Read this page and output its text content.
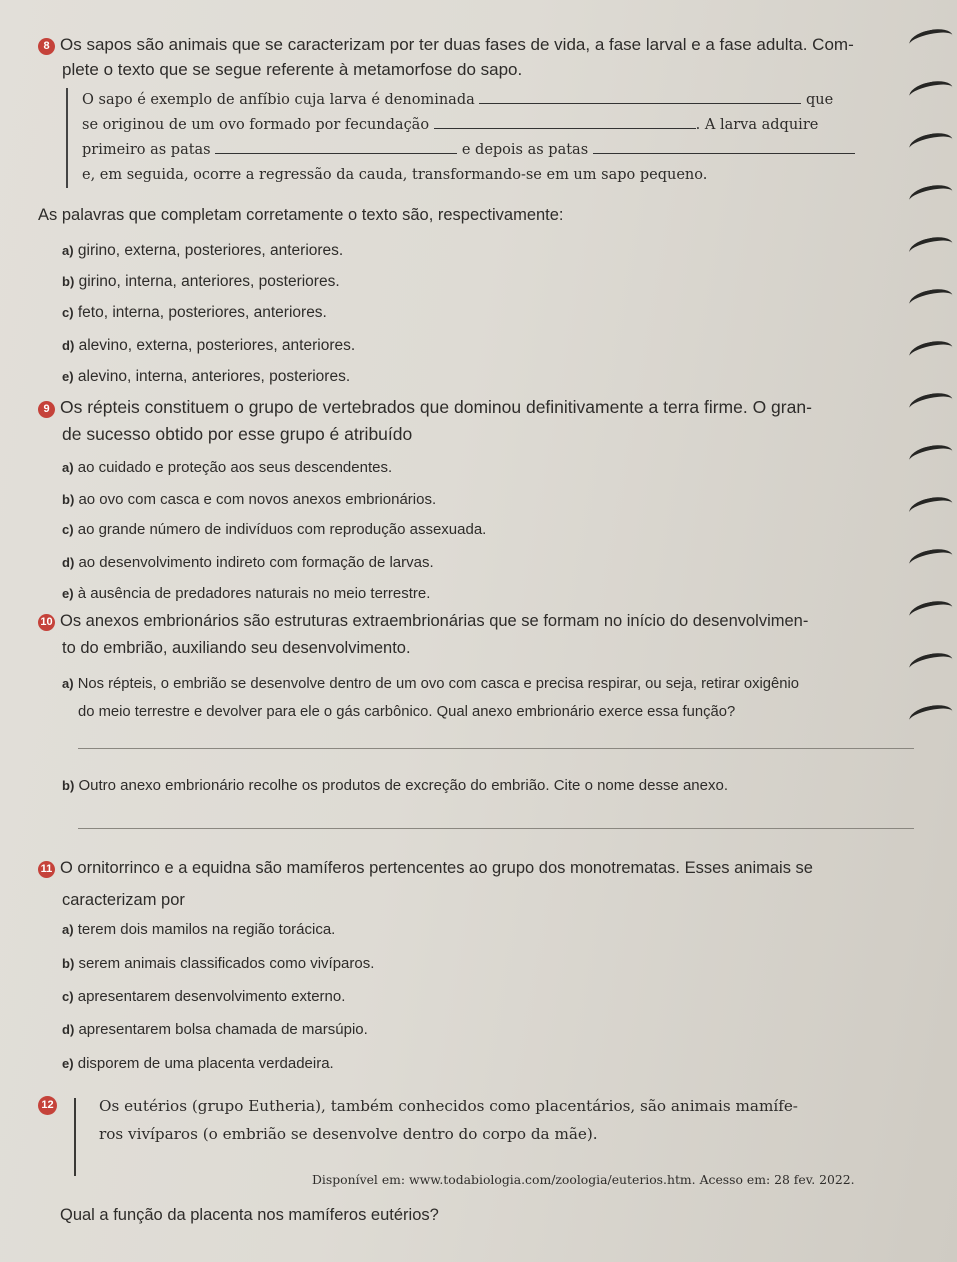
8 Os sapos são animais que se caracterizam por ter duas fases de vida, a fase larval e a fase adulta. Com-
plete o texto que se segue referente à metamorfose do sapo.
O sapo é exemplo de anfíbio cuja larva é denominada	que
se originou de um ovo formado por fecundação	. A larva adquire
primeiro as patas	e depois as patas
e, em seguida, ocorre a regressão da cauda, transformando-se em um sapo pequeno.
As palavras que completam corretamente o texto são, respectivamente:
a) girino, externa, posteriores, anteriores.
b) girino, interna, anteriores, posteriores.
c) feto, interna, posteriores, anteriores.
d) alevino, externa, posteriores, anteriores.
e) alevino, interna, anteriores, posteriores.
9 Os répteis constituem o grupo de vertebrados que dominou definitivamente a terra firme. O gran-
de sucesso obtido por esse grupo é atribuído
a) ao cuidado e proteção aos seus descendentes.
b) ao ovo com casca e com novos anexos embrionários.
c) ao grande número de indivíduos com reprodução assexuada.
d) ao desenvolvimento indireto com formação de larvas.
e) à ausência de predadores naturais no meio terrestre.
10 Os anexos embrionários são estruturas extraembrionárias que se formam no início do desenvolvimen-
to do embrião, auxiliando seu desenvolvimento.
a) Nos répteis, o embrião se desenvolve dentro de um ovo com casca e precisa respirar, ou seja, retirar oxigênio
do meio terrestre e devolver para ele o gás carbônico. Qual anexo embrionário exerce essa função?
b) Outro anexo embrionário recolhe os produtos de excreção do embrião. Cite o nome desse anexo.
11 O ornitorrinco e a equidna são mamíferos pertencentes ao grupo dos monotrematas. Esses animais se
caracterizam por
a) terem dois mamilos na região torácica.
b) serem animais classificados como vivíparos.
c) apresentarem desenvolvimento externo.
d) apresentarem bolsa chamada de marsúpio.
e) disporem de uma placenta verdadeira.
12	Os eutérios (grupo Eutheria), também conhecidos como placentários, são animais mamífe-
ros vivíparos (o embrião se desenvolve dentro do corpo da mãe).
Disponível em: www.todabiologia.com/zoologia/euterios.htm. Acesso em: 28 fev. 2022.
Qual a função da placenta nos mamíferos eutérios?
